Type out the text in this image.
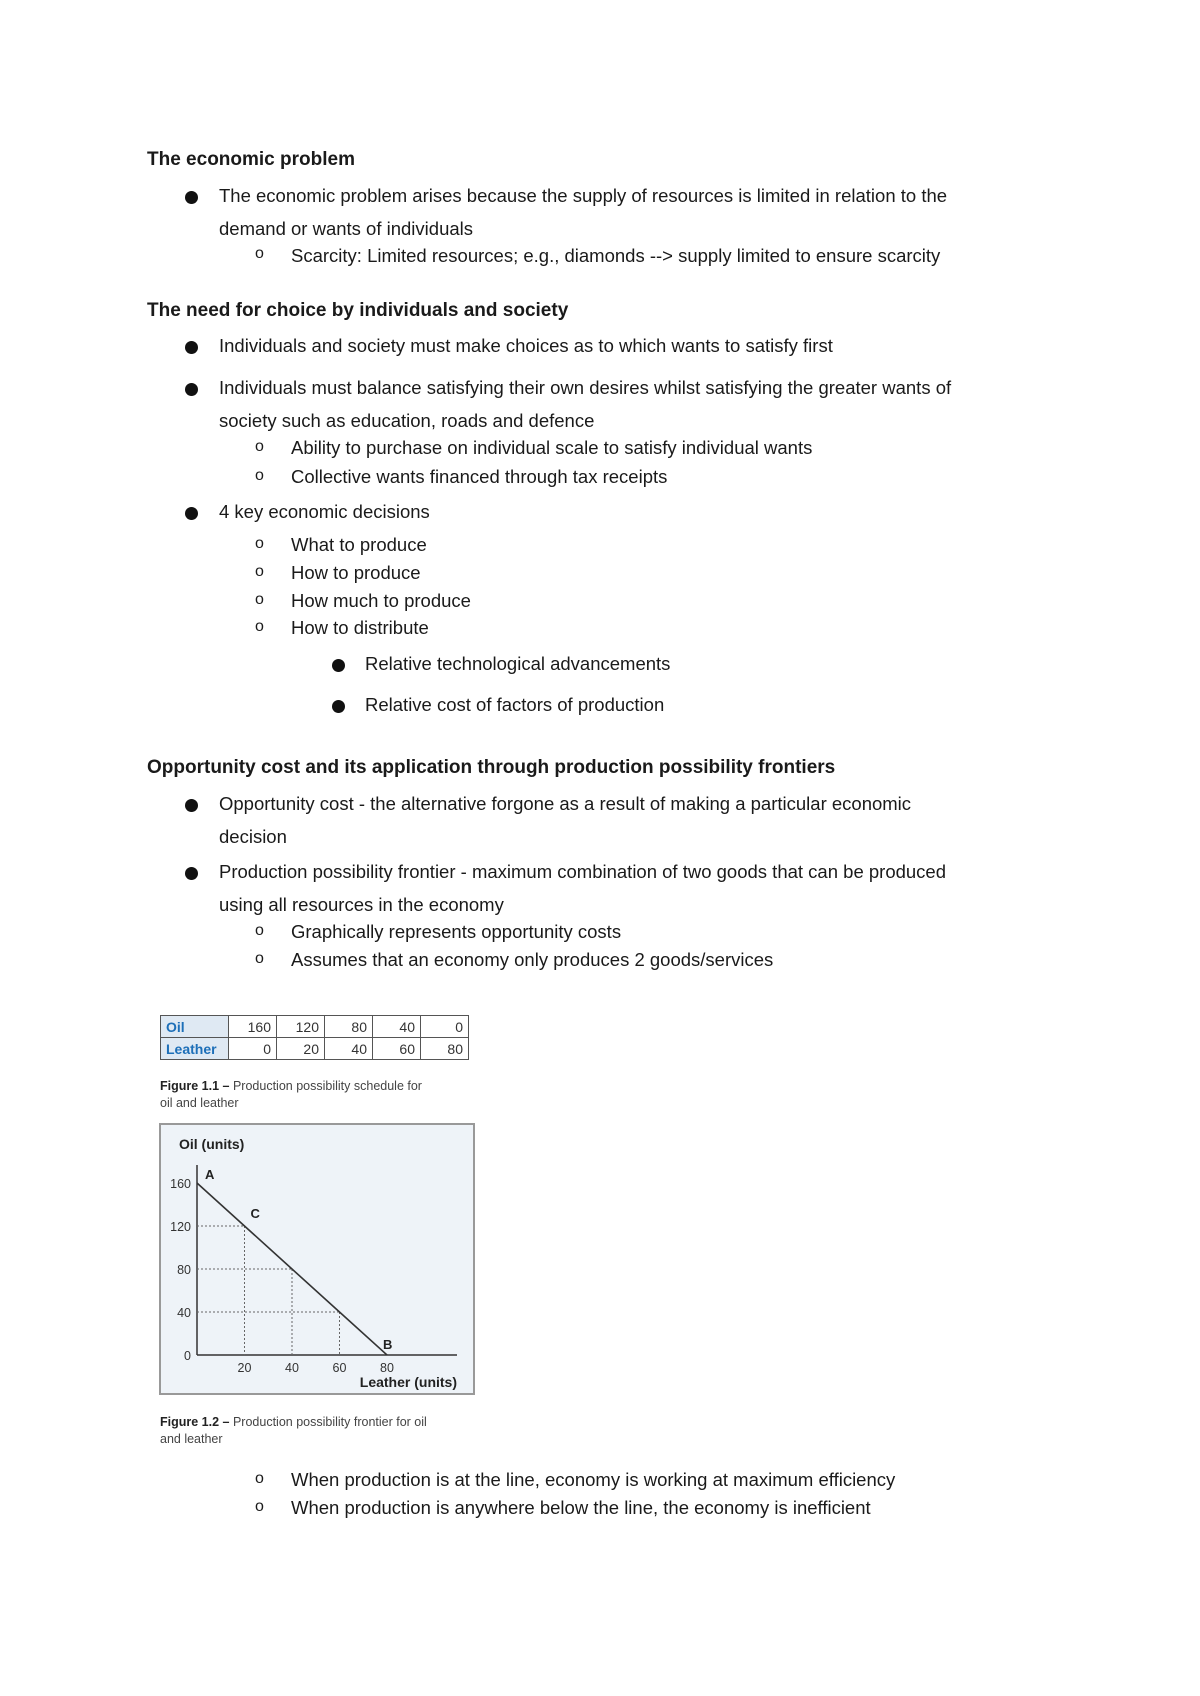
The economic problem
The economic problem arises because the supply of resources is limited in relation to the
demand or wants of individuals
o Scarcity: Limited resources; e.g., diamonds --> supply limited to ensure scarcity
The need for choice by individuals and society
Individuals and society must make choices as to which wants to satisfy first
Individuals must balance satisfying their own desires whilst satisfying the greater wants of
society such as education, roads and defence
o Ability to purchase on individual scale to satisfy individual wants
o Collective wants financed through tax receipts
4 key economic decisions
o What to produce
o How to produce
o How much to produce
o How to distribute
Relative technological advancements
Relative cost of factors of production
Opportunity cost and its application through production possibility frontiers
Opportunity cost - the alternative forgone as a result of making a particular economic
decision
Production possibility frontier - maximum combination of two goods that can be produced
using all resources in the economy
o Graphically represents opportunity costs
o Assumes that an economy only produces 2 goods/services
Oil	160	120	80	40	0
Leather	0	20	40	60	80
Figure 1.1 – Production possibility schedule for
oil and leather
Oil (units)
Leather (units)
0
40
80
120
160
20	40	60	80
A
C
B
Figure 1.2 – Production possibility frontier for oil
and leather
o When production is at the line, economy is working at maximum efficiency
o When production is anywhere below the line, the economy is inefficient
